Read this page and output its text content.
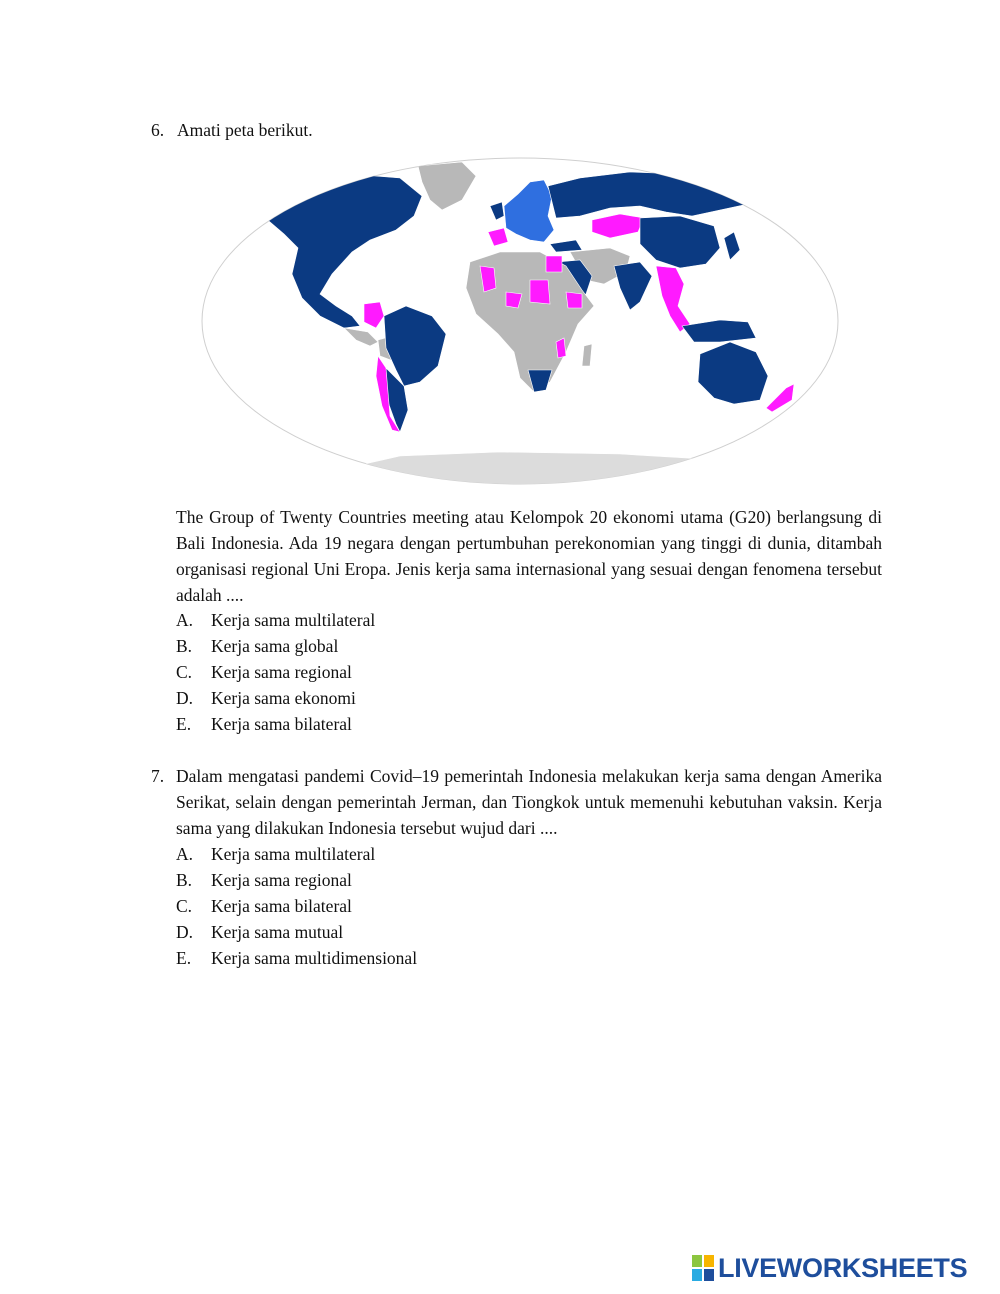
6. Amati peta berikut.
The Group of Twenty Countries meeting atau Kelompok 20 ekonomi utama (G20) berlangsung di Bali Indonesia. Ada 19 negara dengan pertumbuhan perekonomian yang tinggi di dunia, ditambah organisasi regional Uni Eropa. Jenis kerja sama internasional yang sesuai dengan fenomena tersebut adalah ....
A.	Kerja sama multilateral
B.	Kerja sama global
C.	Kerja sama regional
D.	Kerja sama ekonomi
E.	Kerja sama bilateral
7. Dalam mengatasi pandemi Covid–19 pemerintah Indonesia melakukan kerja sama dengan Amerika Serikat, selain dengan pemerintah Jerman, dan Tiongkok untuk memenuhi kebutuhan vaksin. Kerja sama yang dilakukan Indonesia tersebut wujud dari ....
A.	Kerja sama multilateral
B.	Kerja sama regional
C.	Kerja sama bilateral
D.	Kerja sama mutual
E.	Kerja sama multidimensional
LIVEWORKSHEETS
